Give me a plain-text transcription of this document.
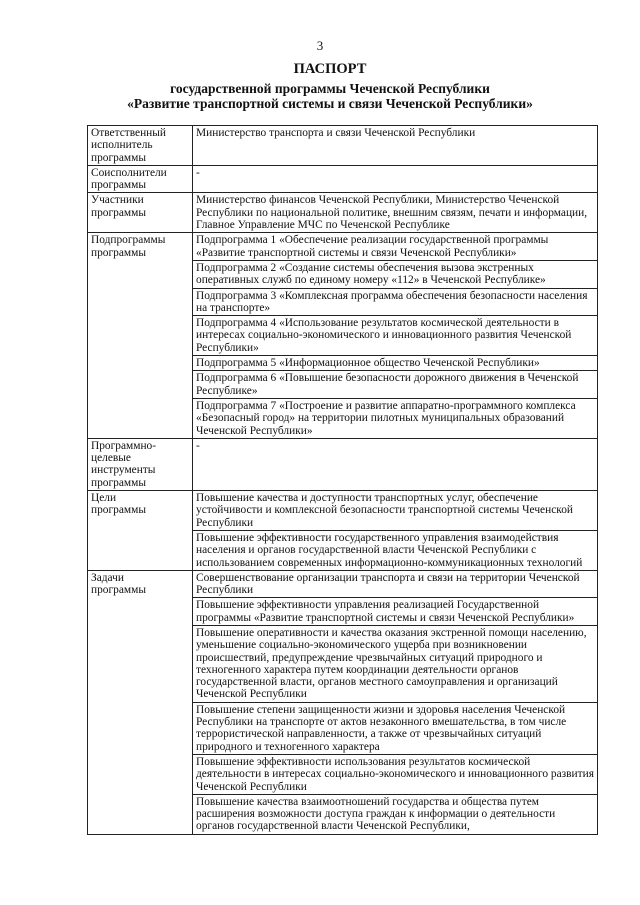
3
ПАСПОРТ
государственной программы Чеченской Республики
«Развитие транспортной системы и связи Чеченской Республики»
Ответственный
исполнитель
программы	Министерство транспорта и связи Чеченской Республики
Соисполнители
программы	-
Участники
программы	Министерство финансов Чеченской Республики, Министерство Чеченской Республики по национальной политике, внешним связям, печати и информации, Главное Управление МЧС по Чеченской Республике
Подпрограммы
программы	Подпрограмма 1 «Обеспечение реализации государственной программы «Развитие транспортной системы и связи Чеченской Республики»
	Подпрограмма 2 «Создание системы обеспечения вызова экстренных оперативных служб по единому номеру «112» в Чеченской Республике»
	Подпрограмма 3 «Комплексная программа обеспечения безопасности населения на транспорте»
	Подпрограмма 4 «Использование результатов космической деятельности в интересах социально-экономического и инновационного развития Чеченской Республики»
	Подпрограмма 5 «Информационное общество Чеченской Республики»
	Подпрограмма 6 «Повышение безопасности дорожного движения в Чеченской Республике»
	Подпрограмма 7 «Построение и развитие аппаратно-программного комплекса «Безопасный город» на территории пилотных муниципальных образований Чеченской Республики»
Программно-
целевые
инструменты
программы	-
Цели
программы	Повышение качества и доступности транспортных услуг, обеспечение устойчивости и комплексной безопасности транспортной системы Чеченской Республики
	Повышение эффективности государственного управления взаимодействия населения и органов государственной власти Чеченской Республики с использованием современных информационно-коммуникационных технологий
Задачи
программы	Совершенствование организации транспорта и связи на территории Чеченской Республики
	Повышение эффективности управления реализацией Государственной программы «Развитие транспортной системы и связи Чеченской Республики»
	Повышение оперативности и качества оказания экстренной помощи населению, уменьшение социально-экономического ущерба при возникновении происшествий, предупреждение чрезвычайных ситуаций природного и техногенного характера путем координации деятельности органов государственной власти, органов местного самоуправления и организаций Чеченской Республики
	Повышение степени защищенности жизни и здоровья населения Чеченской Республики на транспорте от актов незаконного вмешательства, в том числе террористической направленности, а также от чрезвычайных ситуаций природного и техногенного характера
	Повышение эффективности использования результатов космической деятельности в интересах социально-экономического и инновационного развития Чеченской Республики
	Повышение качества взаимоотношений государства и общества путем расширения возможности доступа граждан к информации о деятельности органов государственной власти Чеченской Республики,
